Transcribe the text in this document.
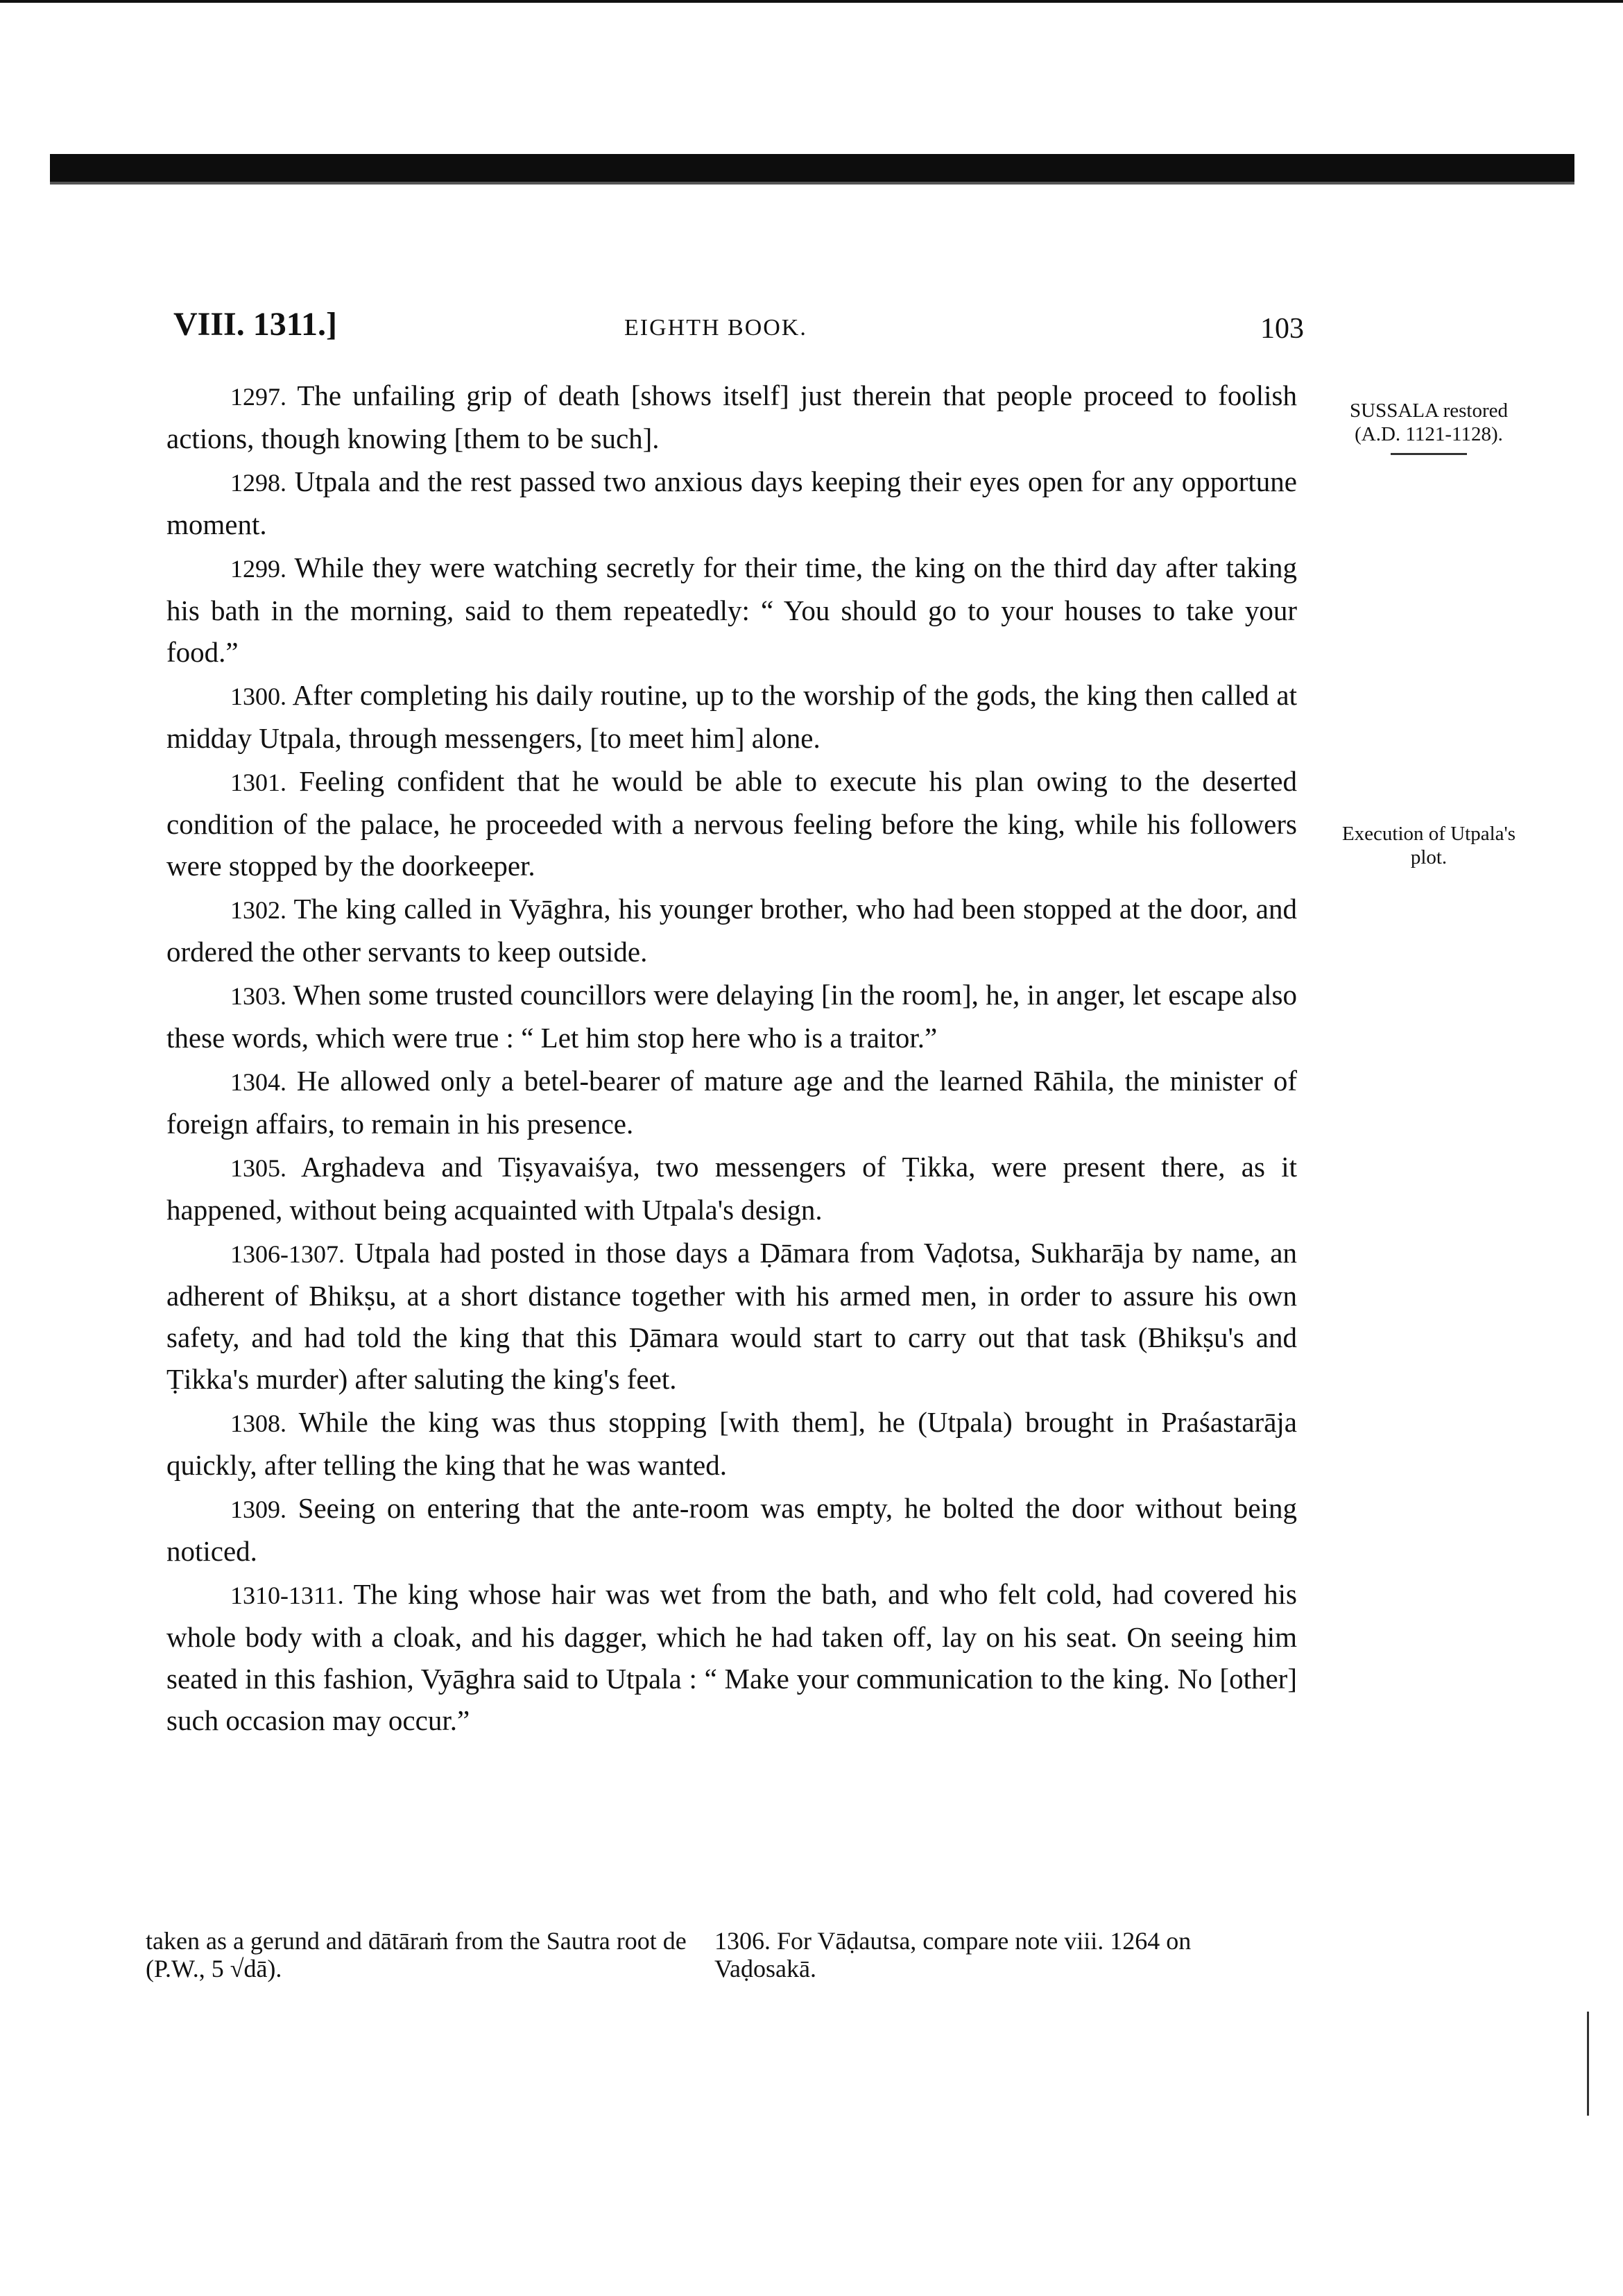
VIII. 1311.]	EIGHTH BOOK.	103

1297. The unfailing grip of death [shows itself] just therein that people proceed to foolish actions, though knowing [them to be such].

1298. Utpala and the rest passed two anxious days keeping their eyes open for any opportune moment.

1299. While they were watching secretly for their time, the king on the third day after taking his bath in the morning, said to them repeatedly: “ You should go to your houses to take your food.”

1300. After completing his daily routine, up to the worship of the gods, the king then called at midday Utpala, through messengers, [to meet him] alone.

1301. Feeling confident that he would be able to execute his plan owing to the deserted condition of the palace, he proceeded with a nervous feeling before the king, while his followers were stopped by the doorkeeper.

1302. The king called in Vyāghra, his younger brother, who had been stopped at the door, and ordered the other servants to keep outside.

1303. When some trusted councillors were delaying [in the room], he, in anger, let escape also these words, which were true : “ Let him stop here who is a traitor.”

1304. He allowed only a betel-bearer of mature age and the learned Rāhila, the minister of foreign affairs, to remain in his presence.

1305. Arghadeva and Tiṣyavaiśya, two messengers of Ṭikka, were present there, as it happened, without being acquainted with Utpala's design.

1306-1307. Utpala had posted in those days a Ḍāmara from Vaḍotsa, Sukharāja by name, an adherent of Bhikṣu, at a short distance together with his armed men, in order to assure his own safety, and had told the king that this Ḍāmara would start to carry out that task (Bhikṣu's and Ṭikka's murder) after saluting the king's feet.

1308. While the king was thus stopping [with them], he (Utpala) brought in Praśastarāja quickly, after telling the king that he was wanted.

1309. Seeing on entering that the ante-room was empty, he bolted the door without being noticed.

1310-1311. The king whose hair was wet from the bath, and who felt cold, had covered his whole body with a cloak, and his dagger, which he had taken off, lay on his seat. On seeing him seated in this fashion, Vyāghra said to Utpala : “ Make your communication to the king. No [other] such occasion may occur.”

SUSSALA restored
(A.D. 1121-1128).
Execution of Utpala's
plot.
taken as a gerund and dātāraṁ from the Sautra root de (P.W., 5 √dā).
1306. For Vāḍautsa, compare note viii. 1264 on Vaḍosakā.
